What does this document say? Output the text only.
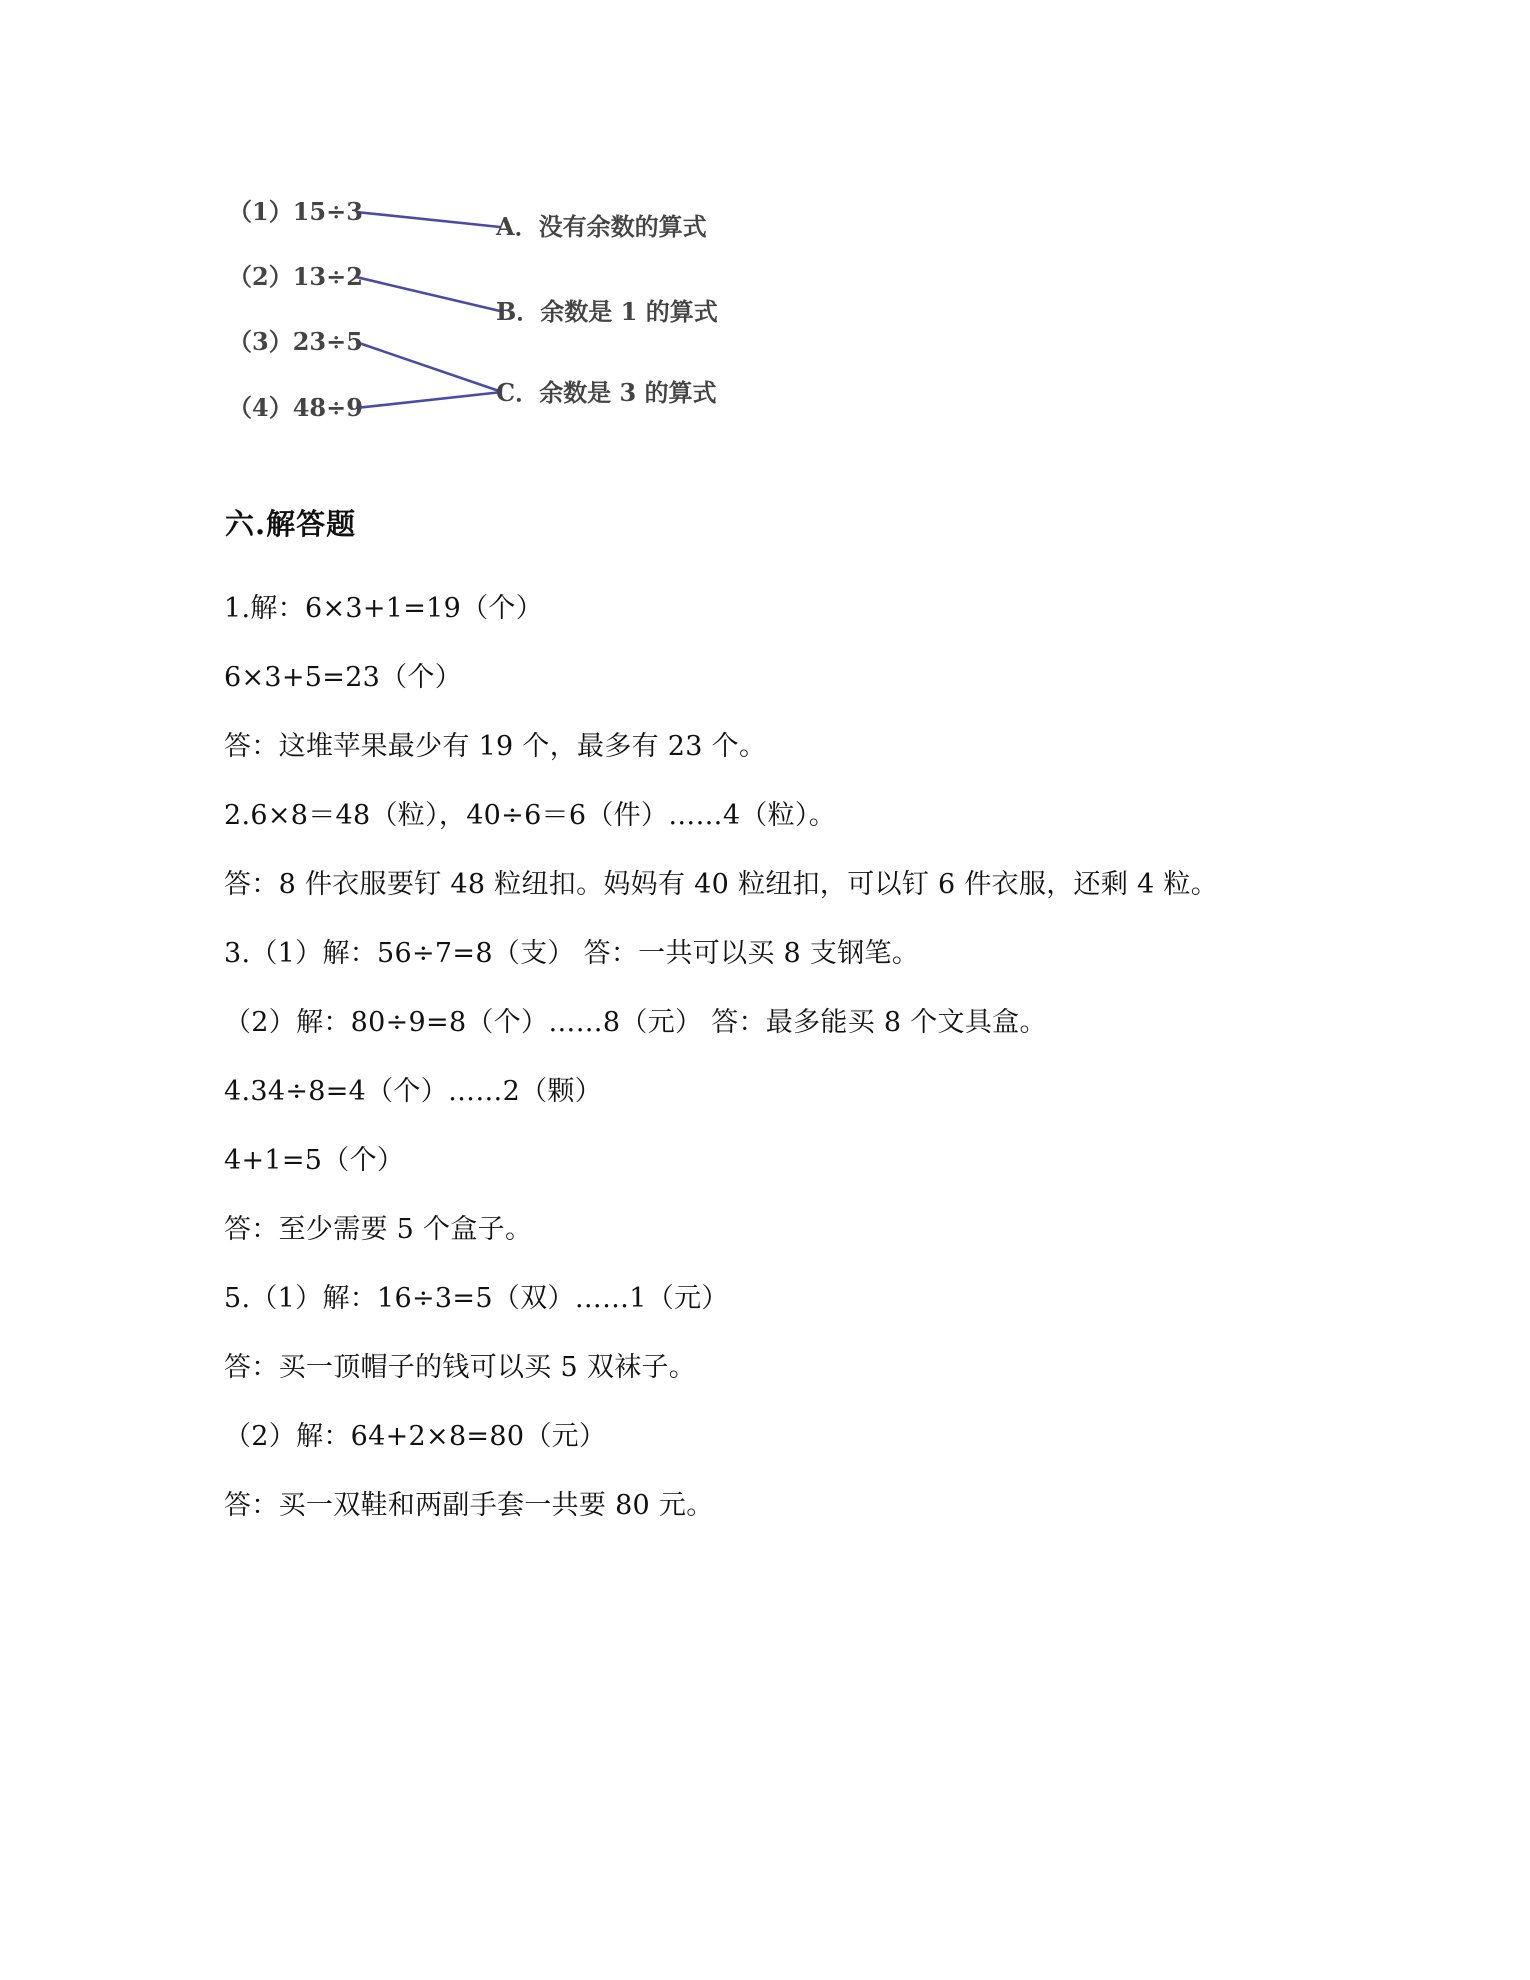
（1）15÷3
（2）13÷2
（3）23÷5
（4）48÷9
A．没有余数的算式
B．余数是 1 的算式
C．余数是 3 的算式
六.解答题
1.解：6×3+1=19（个）
6×3+5=23（个）
答：这堆苹果最少有 19 个，最多有 23 个。
2.6×8＝48（粒），40÷6＝6（件）……4（粒）。
答：8 件衣服要钉 48 粒纽扣。妈妈有 40 粒纽扣，可以钉 6 件衣服，还剩 4 粒。
3.（1）解：56÷7=8（支） 答：一共可以买 8 支钢笔。
（2）解：80÷9=8（个）……8（元） 答：最多能买 8 个文具盒。
4.34÷8=4（个）……2（颗）
4+1=5（个）
答：至少需要 5 个盒子。
5.（1）解：16÷3=5（双）……1（元）
答：买一顶帽子的钱可以买 5 双袜子。
（2）解：64+2×8=80（元）
答：买一双鞋和两副手套一共要 80 元。
